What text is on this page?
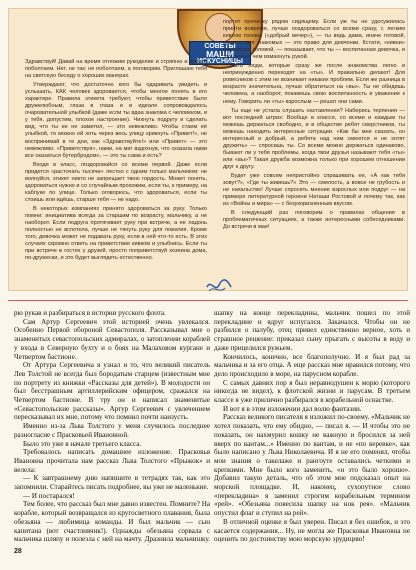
СОВЕТЫ
МАШИ
ИСКУСНИЦЫ

Здравствуй! Давай на время отложим рукоделие и стряпню и просто поболтаем. Нет, не так: не поболтаем, а поговорим. Приглашаю тебя на светскую беседу о хороших манерах.

Утверждают, что достаточно кого бы одаривать увидеть и услышать, КАК человек здоровается, чтобы многое понять в его характере. Правила этикета требуют, чтобы приветствие было дружелюбным, глаза в глаза и в идеале сопровождалось очаровательной улыбкой (даже если ты вдаа знакома с человеком, и у тебя, допустим, плохое настроение). Чихнуть подругу и сделать вид, что ты ее не заметил, — это невежливо. Чтобы стаем её улыбкой, то можно ей хоть через весь улицу крикнуть «Привет!», не воспринимай в те дни, как «Здравствуйте!» или «Привет» — это невежливо. «Приветствуя», нами, на миг вздохнув, что сказала нами все оказаться бутербродом», — это ты сама и есть?

Входя в класс, поздоровайся со всеми первой. Даже если придется «расточать тысячи» лестно с одним только мальчиком: не волнуйся, этикет никто не запрещает твою гордость. Может понять, здороваться нужно и со случайным прохожим, если ты, к примеру, на каблуке по улице. Только оговорюсь, что здороваться, если ты стоишь или идёшь, старше тебя — не надо.

В некоторых компаниях принято здороваться за руку. Только помни: инициатива всегда за старшим по возрасту, мальчику, а не наоборот. Если подруга протягивает руку при встрече, а ее ладонь полностью не вспотела, лучше не тянуть руку для пожатия. Кроме того, девочка может не подавать руку, если в ней что-то есть. В этих случаях скромно ответь на приветствие кивком и улыбнись. Если ты при встрече в гостях у друзей, просто поприветствуй хозяина дома, по-дружески, и это будет выглядеть естественно.

портит прическу рядом сидящему. Если уж ты не удосужилась прийти вовремя, лучше поздороваться со всеми сразу, с легким кивком головы («добрый вечер»), — ты ведь дама, иначе готовой, приветствуя знакомых — это право для девчонки. Кстати, «кивни» как поклон головой, — показывает, что ты — воспитанная девочка, и это лучше, чем взмахнуть рукой.

Есть люди, которые сразу же после знакомства легко и непринужденно переходят на «ты». И правильно делают! Для ровесников с этим не возникает никаких проблем. Если же разница в возрасте значительна, лучше обратиться на «вы». Ты не обидишь человека, а наоборот, покажешь свою воспитанность и уважение к нему. Говорить ли «ты» взрослым — решат они сами.

Ты еще не устала слушать наставления? Наберись терпения — вот последний штрих: Вообще в классе, со всеми и каждым ты можешь держаться свободно, и в обществе ребят сверстников, ты можешь находить интересные ситуации. «Как бы мне сказать, он интересный и добрый, а ребята над ним смеются и не хотят дружить» — спросишь ты. Со всеми можно держаться одинаково, бывают ли у тебя проблемы, когда твои друзья называют тебя «ты» или «вы»? Такая дружба возможна только при хорошем отношении друг к другу.

Будет уже совсем непристойно спрашивать ее, «А как тебя зовут?», «Где ты живешь?» Это — смелость, а вовсе не грубость и не нахальство! Лучше спросить мнение взрослых или подруг — на примере литературной героини Наташи Ростовой и почему так, как из «Войны и мира» — с безукоризненным вкусом.

В следующий раз поговорим о правилах общения в проблематичных ситуациях, а также интересными собеседниками. До встречи в мае!

рю рукав и разбираться в истории русского флота.

Сам Артур Сергеевич этой историей очень увлекался. Особенно Первой обороной Севастополя. Рассказывал мне о знаменитых севастопольских адмиралах, о затоплении кораблей у входа в Северную бухту и о боях на Малаховом кургане и Четвертом бастионе.

От Артура Сергеевича я узнал и то, что великий писатель Лев Толстой не всегда был бородатым старцем (известным мне по портрету из книжки «Рассказы для детей»). В молодости он был бесстрашным артиллерийским офицером, сражался на Четвертом бастионе. В тру он и написал знаменитые «Севастопольские рассказы». Артур Сергеевич с увлечением пересказывал их мне, потому что помнил почти наизусть.

Именно из-за Льва Толстого у меня случилось последнее разногласие с Прасковьей Ивановной.

Было это уже в начале третьего класса.

Требовалось написать домашнее изложение. Прасковья Ивановна прочитала нам рассказ Льва Толстого «Прыжок» и велела:

— К завтрашнему дню напишите в тетрадях так, как это запомнили. Старайтесь писать подробнее, вы уже не маленькие.

— И постарался!

Тем более, что рассказ был мне давно известен. Помните? На корабле, который возвращался из кругосветного плавания, была обезьяна — любимица команды. И был мальчик — сын капитана (вот счастливчик!). Однажды обезьяна сорвала с мальчика шляпу и полезла с ней на мачту. Дразнила мальчишку.

шапку на конце перекладины, мальчик пошел по этой перекладине и вдруг испугался. Закачался. Чтобы он не разбился о палубу, отец привел единственно верное, хоть и страшное решение: приказал сыну прыгать с высоты в воду и даже прицелился ружьем.

Кончилось, конечно, все благополучно. И я был рад за мальчика и за его отца. А еще рассказ мне нравился потому, что дело происходило в море, на парусном корабле.

С самых давних пор я был неравнодушен к морю (которого никогда не видел), к флотской жизни и парусам. В третьем классе я уже прилично разбирался в корабельной оснастке.

И вот я в этом изложении дал волю фантазии.

Рассказ великого писателя я изложил по-своему. «Мальчик не хотел показать, что ему обидно, — писал я. — И чтобы это не показать, он нахмурил кошку не важную и бросился за ней вверх по вантам...» Именно по вантам, и не «по веревке», как было написано у Льва Николаевича. И я не его поменял, чтобы мои знания о такелаже и рангоуте оставались четкими и крепкими. Мне было кого заменить, «и это было хорошо». Добавил такую деталь, что об этом мне подсказал опыт на морской площадке. И, наконец, сухопутное слово «перекладина» я заменил строгим корабельным термином «рей». «Обезьяна повесила шапку на нок рея». «Мальчик опустил флаг и ступил на рей».

В отличной оценке я был уверен. Писал я без ошибок, и это касается содержания... Ну, не могла же Прасковья Ивановна не оценить по достоинству мою морскую эрудицию!

28
